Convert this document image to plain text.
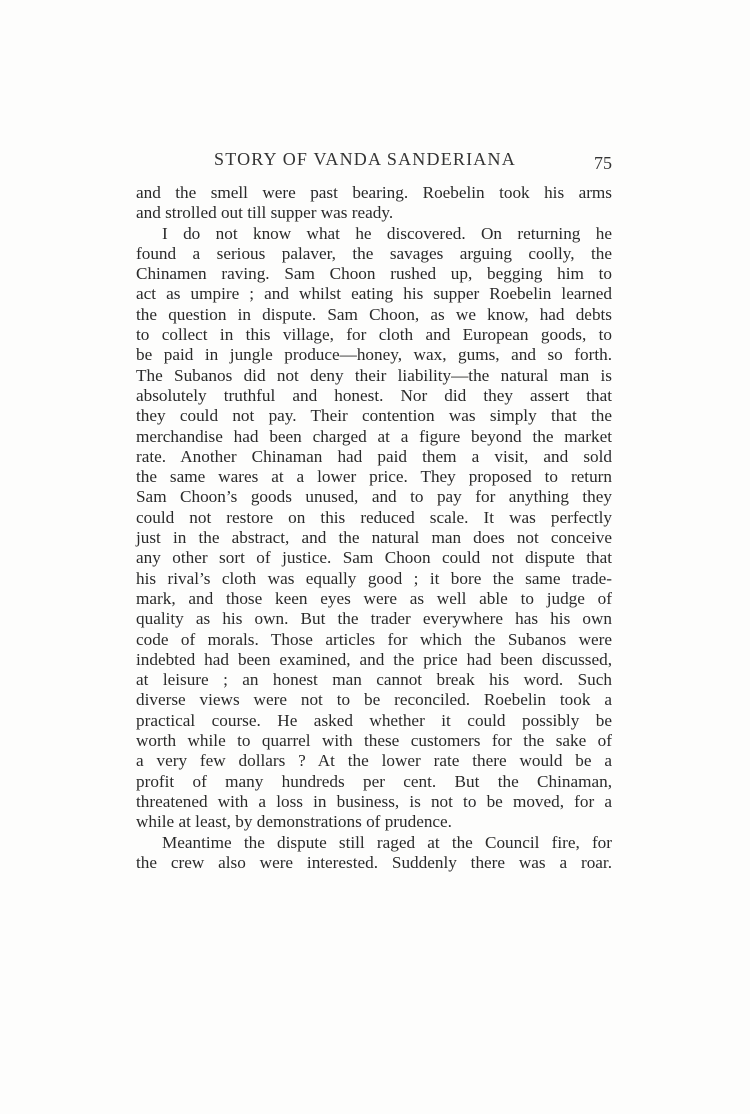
STORY OF VANDA SANDERIANA	75
and the smell were past bearing. Roebelin took his arms
and strolled out till supper was ready.
I do not know what he discovered. On returning he
found a serious palaver, the savages arguing coolly, the
Chinamen raving. Sam Choon rushed up, begging him to
act as umpire ; and whilst eating his supper Roebelin learned
the question in dispute. Sam Choon, as we know, had debts
to collect in this village, for cloth and European goods, to
be paid in jungle produce—honey, wax, gums, and so forth.
The Subanos did not deny their liability—the natural man is
absolutely truthful and honest. Nor did they assert that
they could not pay. Their contention was simply that the
merchandise had been charged at a figure beyond the market
rate. Another Chinaman had paid them a visit, and sold
the same wares at a lower price. They proposed to return
Sam Choon’s goods unused, and to pay for anything they
could not restore on this reduced scale. It was perfectly
just in the abstract, and the natural man does not conceive
any other sort of justice. Sam Choon could not dispute that
his rival’s cloth was equally good ; it bore the same trade-
mark, and those keen eyes were as well able to judge of
quality as his own. But the trader everywhere has his own
code of morals. Those articles for which the Subanos were
indebted had been examined, and the price had been discussed,
at leisure ; an honest man cannot break his word. Such
diverse views were not to be reconciled. Roebelin took a
practical course. He asked whether it could possibly be
worth while to quarrel with these customers for the sake of
a very few dollars ? At the lower rate there would be a
profit of many hundreds per cent. But the Chinaman,
threatened with a loss in business, is not to be moved, for a
while at least, by demonstrations of prudence.
Meantime the dispute still raged at the Council fire, for
the crew also were interested. Suddenly there was a roar.
